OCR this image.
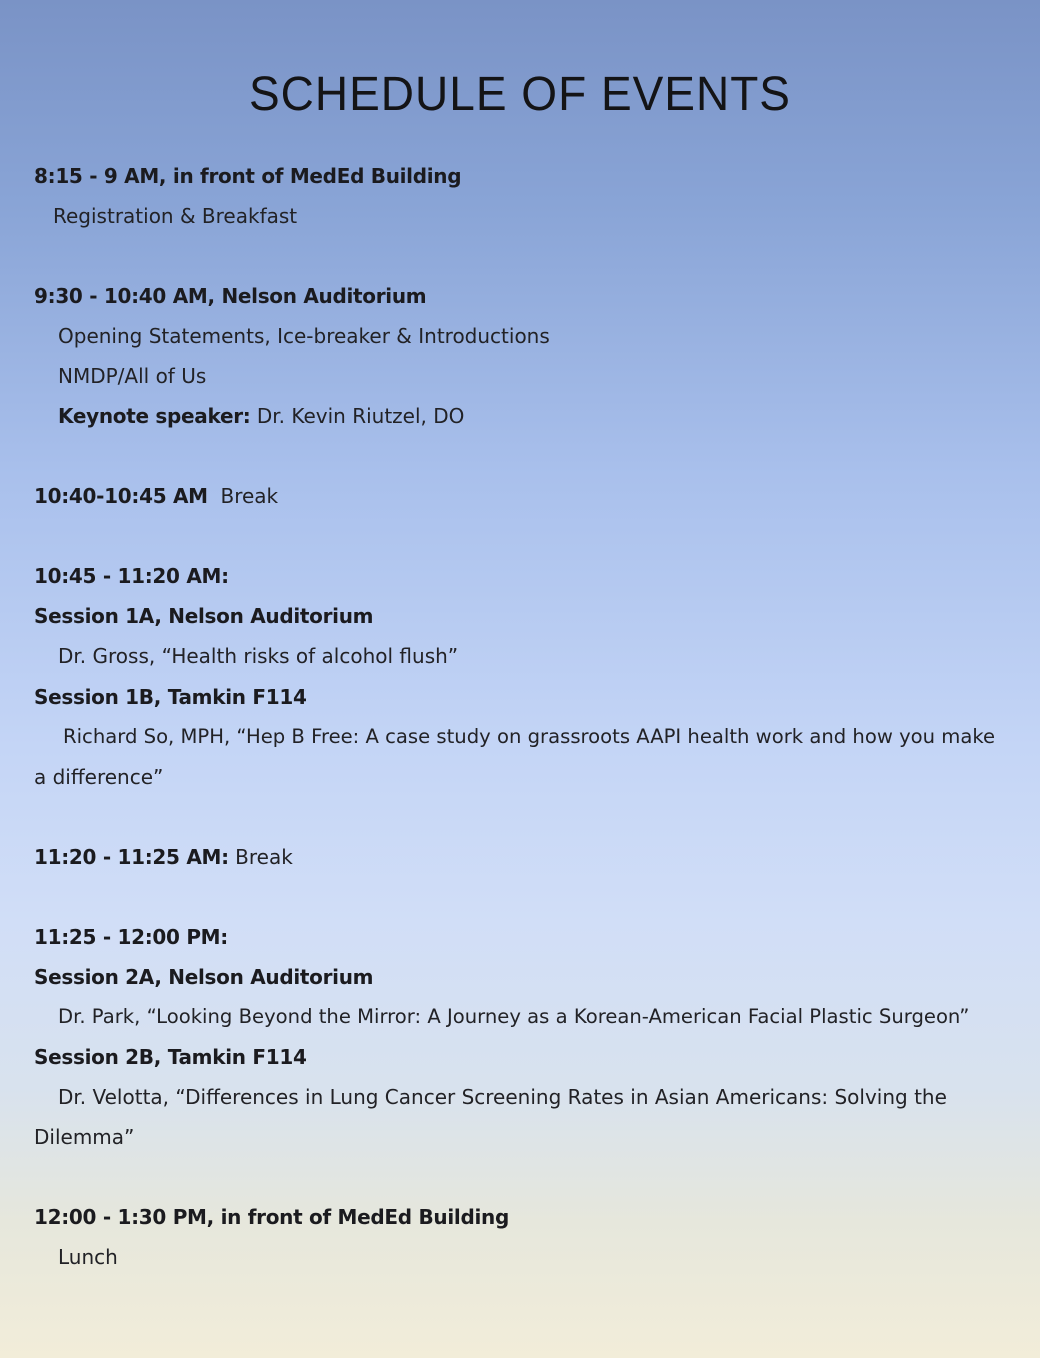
SCHEDULE OF EVENTS
8:15 - 9 AM, in front of MedEd Building
Registration & Breakfast
9:30 - 10:40 AM, Nelson Auditorium
Opening Statements, Ice-breaker & Introductions
NMDP/All of Us
Keynote speaker: Dr. Kevin Riutzel, DO
10:40-10:45 AM  Break
10:45 - 11:20 AM:
Session 1A, Nelson Auditorium
Dr. Gross, “Health risks of alcohol flush”
Session 1B, Tamkin F114
Richard So, MPH, “Hep B Free: A case study on grassroots AAPI health work and how you make
a difference”
11:20 - 11:25 AM: Break
11:25 - 12:00 PM:
Session 2A, Nelson Auditorium
Dr. Park, “Looking Beyond the Mirror: A Journey as a Korean-American Facial Plastic Surgeon”
Session 2B, Tamkin F114
Dr. Velotta, “Differences in Lung Cancer Screening Rates in Asian Americans: Solving the
Dilemma”
12:00 - 1:30 PM, in front of MedEd Building
Lunch
